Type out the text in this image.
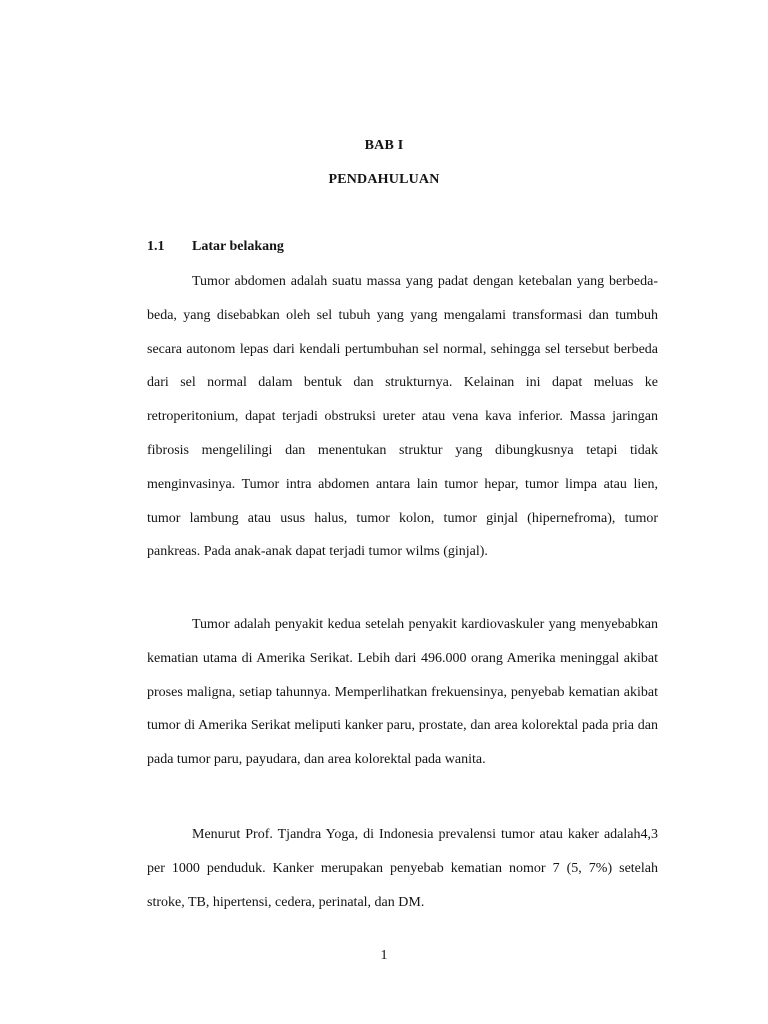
BAB I
PENDAHULUAN
1.1 Latar belakang

Tumor abdomen adalah suatu massa yang padat dengan ketebalan yang berbeda-beda, yang disebabkan oleh sel tubuh yang yang mengalami transformasi dan tumbuh secara autonom lepas dari kendali pertumbuhan sel normal, sehingga sel tersebut berbeda dari sel normal dalam bentuk dan strukturnya. Kelainan ini dapat meluas ke retroperitonium, dapat terjadi obstruksi ureter atau vena kava inferior. Massa jaringan fibrosis mengelilingi dan menentukan struktur yang dibungkusnya tetapi tidak menginvasinya. Tumor intra abdomen antara lain tumor hepar, tumor limpa atau lien, tumor lambung atau usus halus, tumor kolon, tumor ginjal (hipernefroma), tumor pankreas. Pada anak-anak dapat terjadi tumor wilms (ginjal).

Tumor adalah penyakit kedua setelah penyakit kardiovaskuler yang menyebabkan kematian utama di Amerika Serikat. Lebih dari 496.000 orang Amerika meninggal akibat proses maligna, setiap tahunnya. Memperlihatkan frekuensinya, penyebab kematian akibat tumor di Amerika Serikat meliputi kanker paru, prostate, dan area kolorektal pada pria dan pada tumor paru, payudara, dan area kolorektal pada wanita.

Menurut Prof. Tjandra Yoga, di Indonesia prevalensi tumor atau kaker adalah4,3 per 1000 penduduk. Kanker merupakan penyebab kematian nomor 7 (5, 7%) setelah stroke, TB, hipertensi, cedera, perinatal, dan DM.

1
